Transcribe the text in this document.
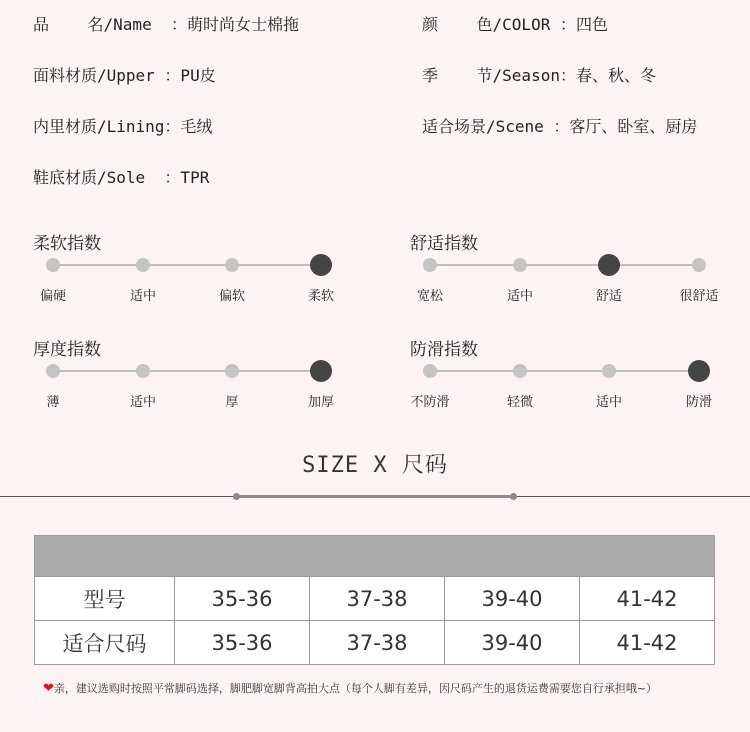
品    名/Name  ：萌时尚女士棉拖	颜    色/COLOR ：四色
面料材质/Upper ：PU皮	季    节/Season：春、秋、冬
内里材质/Lining：毛绒	适合场景/Scene ：客厅、卧室、厨房
鞋底材质/Sole  ：TPR
柔软指数
偏硬	适中	偏软	柔软
舒适指数
宽松	适中	舒适	很舒适
厚度指数
薄	适中	厚	加厚
防滑指数
不防滑	轻微	适中	防滑
SIZE X 尺码

型号	35-36	37-38	39-40	41-42
适合尺码	35-36	37-38	39-40	41-42
❤亲，建议选购时按照平常脚码选择，脚肥脚宽脚背高拍大点（每个人脚有差异，因尺码产生的退货运费需要您自行承担哦~）
